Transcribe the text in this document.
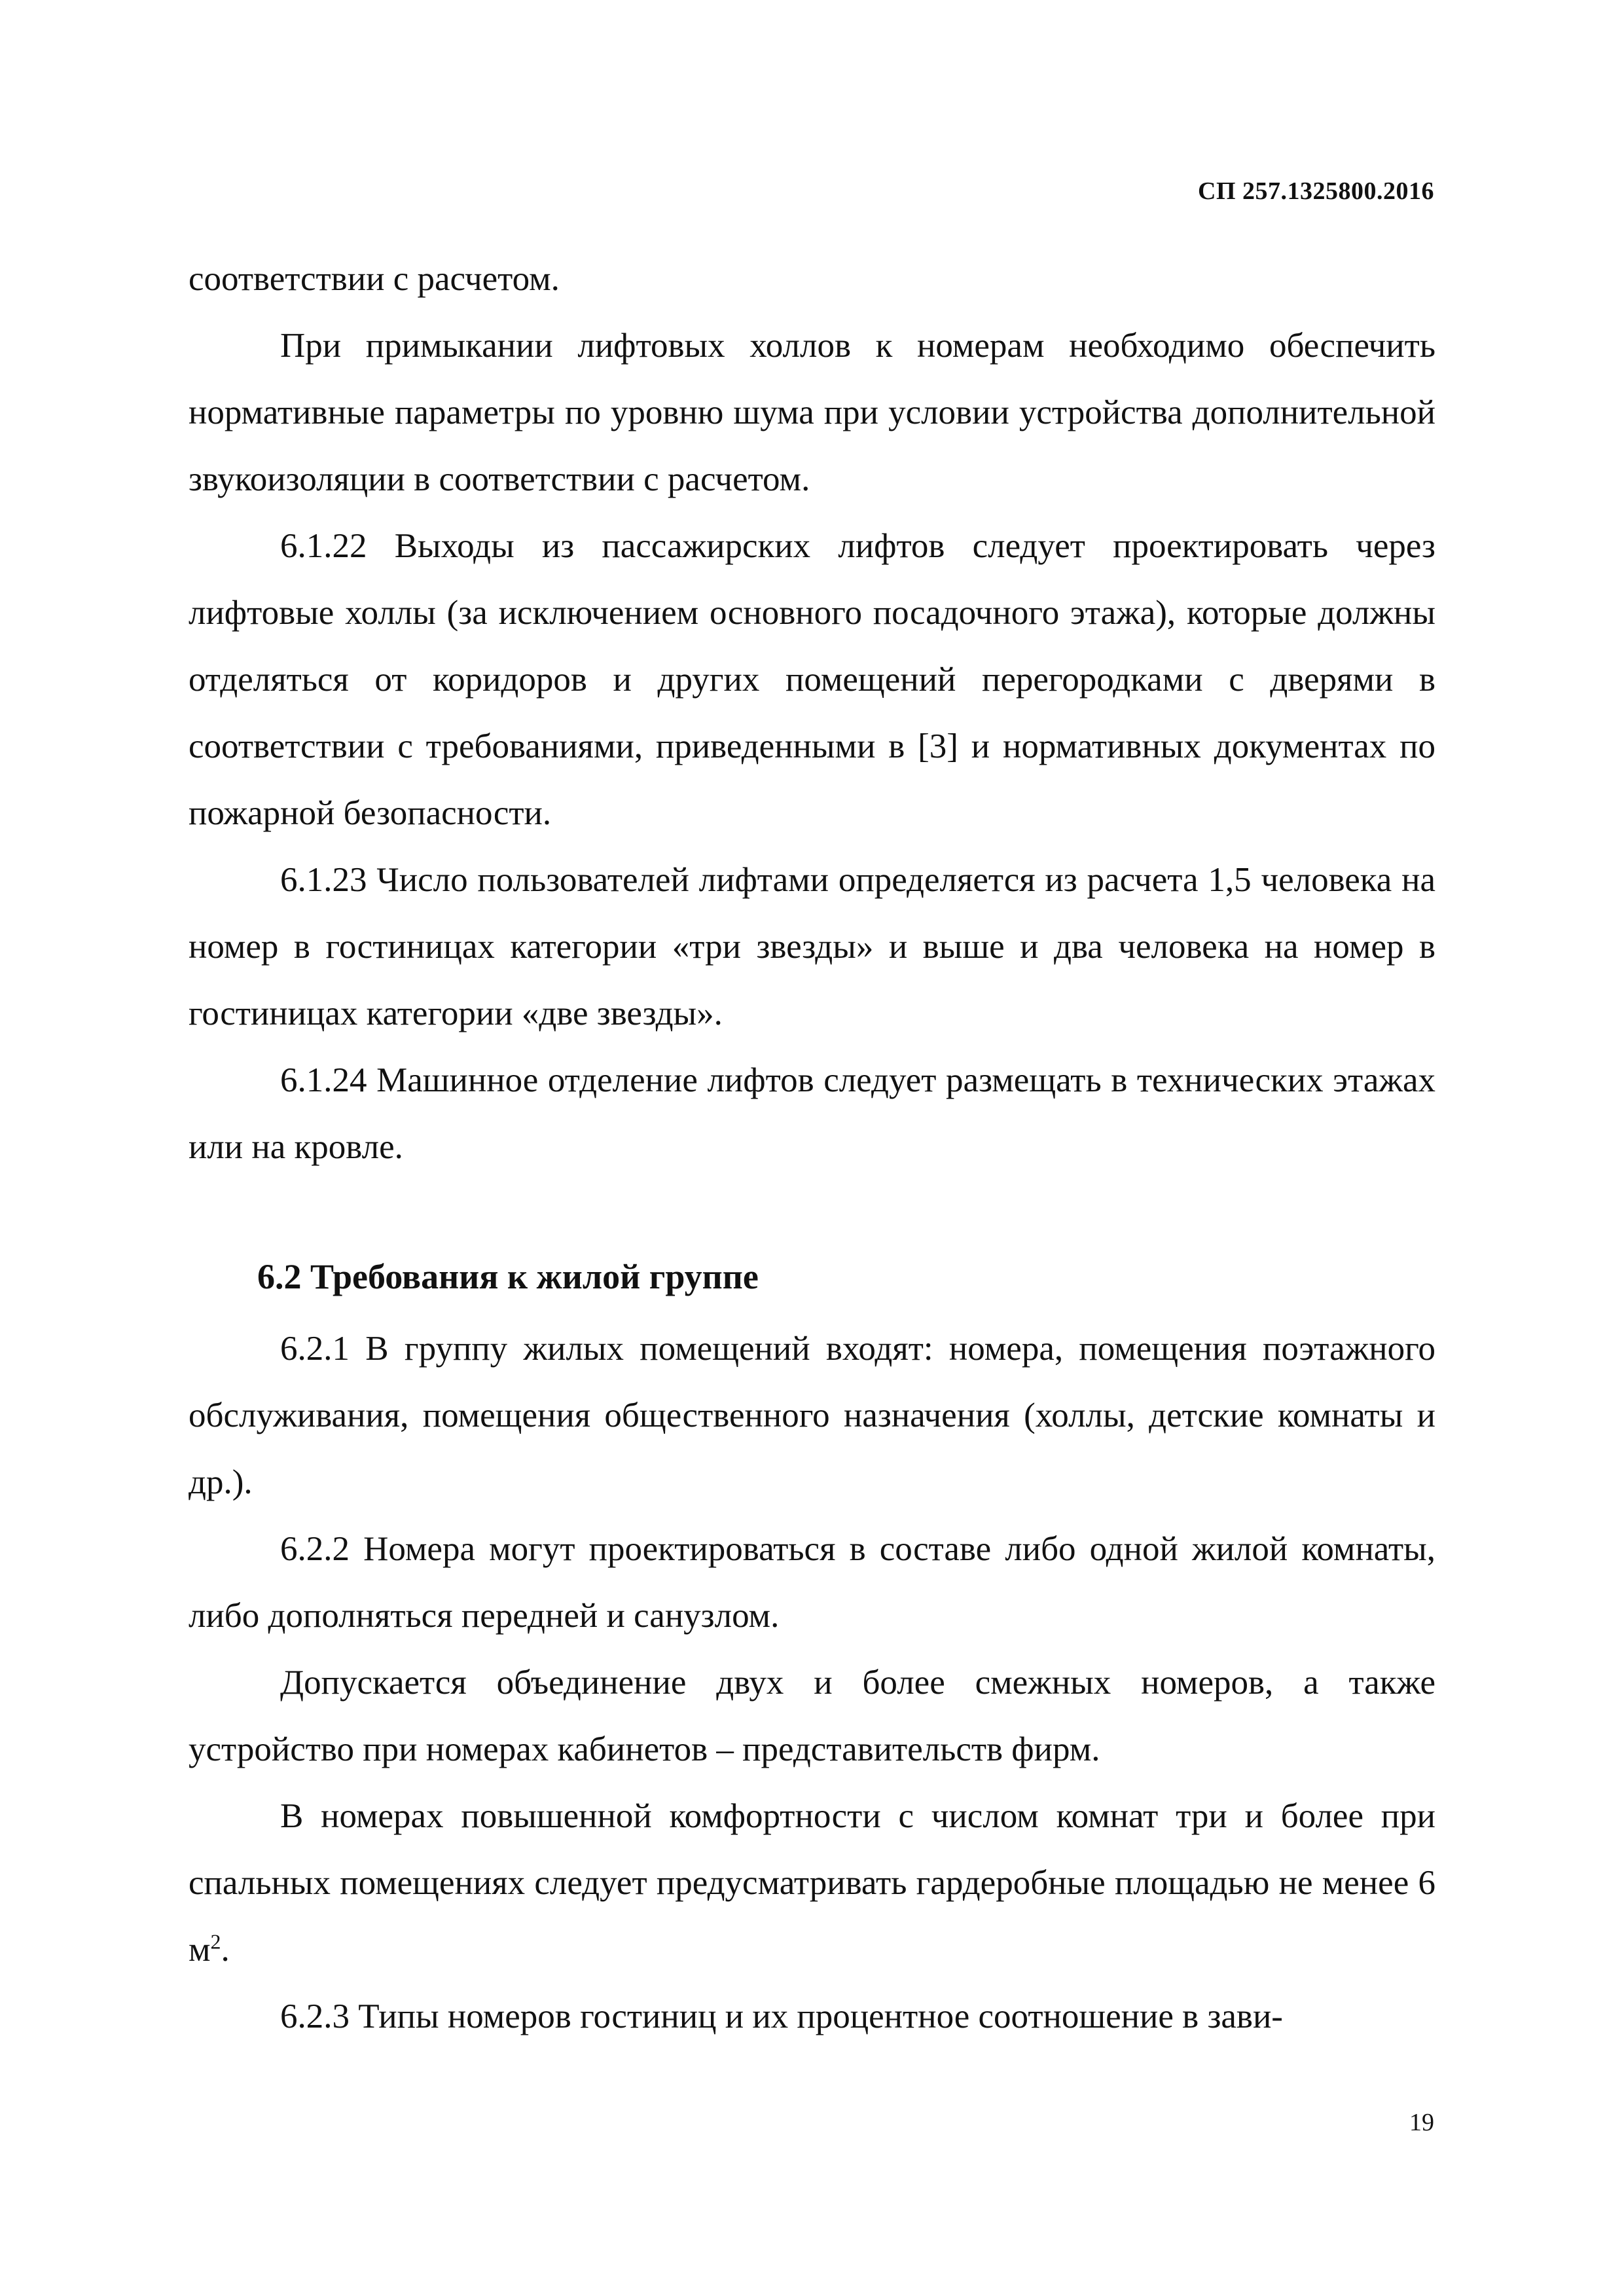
СП 257.1325800.2016

соответствии с расчетом.

При примыкании лифтовых холлов к номерам необходимо обеспечить нормативные параметры по уровню шума при условии устройства дополнительной звукоизоляции в соответствии с расчетом.

6.1.22 Выходы из пассажирских лифтов следует проектировать через лифтовые холлы (за исключением основного посадочного этажа), которые должны отделяться от коридоров и других помещений перегородками с дверями в соответствии с требованиями, приведенными в [3] и нормативных документах по пожарной безопасности.

6.1.23 Число пользователей лифтами определяется из расчета 1,5 человека на номер в гостиницах категории «три звезды» и выше и два человека на номер в гостиницах категории «две звезды».

6.1.24 Машинное отделение лифтов следует размещать в технических этажах или на кровле.

6.2 Требования к жилой группе

6.2.1 В группу жилых помещений входят: номера, помещения поэтажного обслуживания, помещения общественного назначения (холлы, детские комнаты и др.).

6.2.2 Номера могут проектироваться в составе либо одной жилой комнаты, либо дополняться передней и санузлом.

Допускается объединение двух и более смежных номеров, а также устройство при номерах кабинетов – представительств фирм.

В номерах повышенной комфортности с числом комнат три и более при спальных помещениях следует предусматривать гардеробные площадью не менее 6 $м^2$.

6.2.3 Типы номеров гостиниц и их процентное соотношение в зави-

19
